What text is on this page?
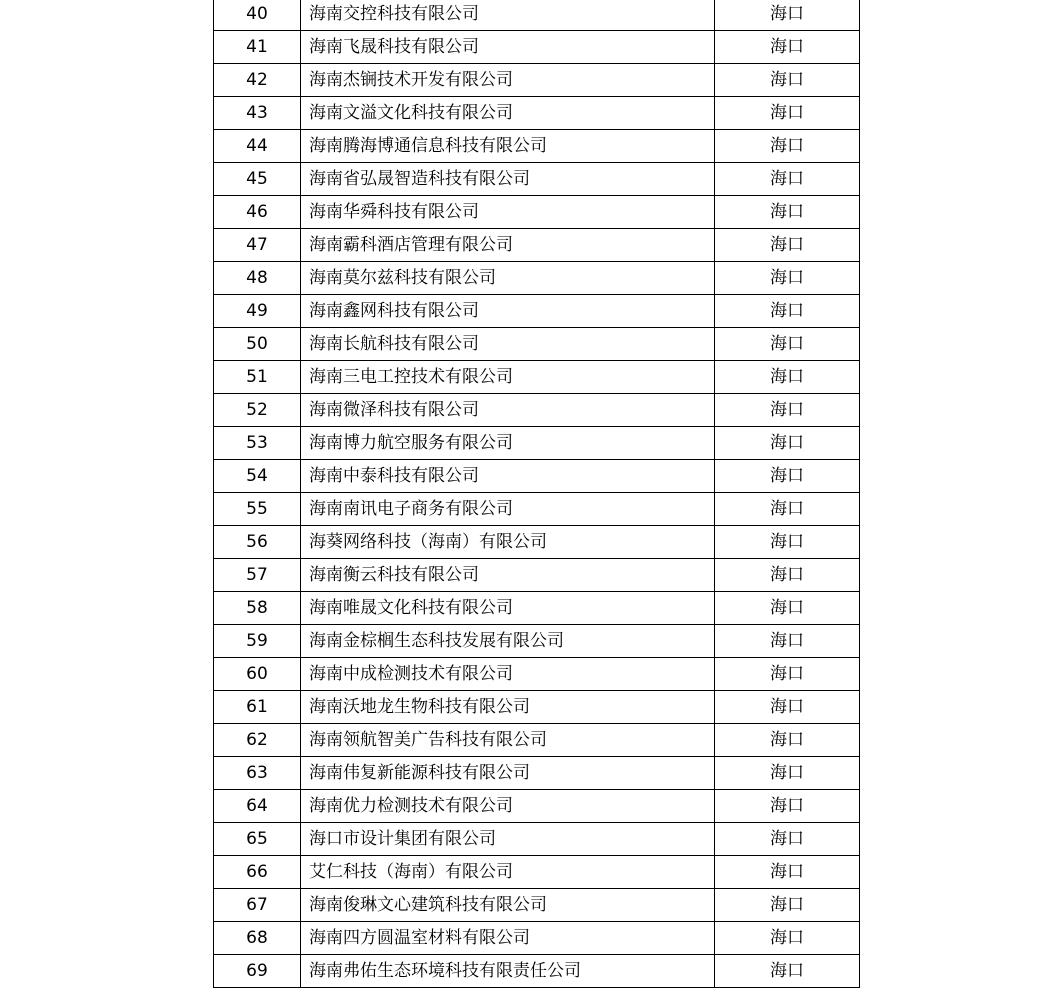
40	海南交控科技有限公司	海口
41	海南飞晟科技有限公司	海口
42	海南杰锎技术开发有限公司	海口
43	海南文溢文化科技有限公司	海口
44	海南腾海博通信息科技有限公司	海口
45	海南省弘晟智造科技有限公司	海口
46	海南华舜科技有限公司	海口
47	海南霸科酒店管理有限公司	海口
48	海南莫尔兹科技有限公司	海口
49	海南鑫网科技有限公司	海口
50	海南长航科技有限公司	海口
51	海南三电工控技术有限公司	海口
52	海南微泽科技有限公司	海口
53	海南博力航空服务有限公司	海口
54	海南中泰科技有限公司	海口
55	海南南讯电子商务有限公司	海口
56	海葵网络科技（海南）有限公司	海口
57	海南衡云科技有限公司	海口
58	海南唯晟文化科技有限公司	海口
59	海南金棕榈生态科技发展有限公司	海口
60	海南中成检测技术有限公司	海口
61	海南沃地龙生物科技有限公司	海口
62	海南领航智美广告科技有限公司	海口
63	海南伟复新能源科技有限公司	海口
64	海南优力检测技术有限公司	海口
65	海口市设计集团有限公司	海口
66	艾仁科技（海南）有限公司	海口
67	海南俊琳文心建筑科技有限公司	海口
68	海南四方圆温室材料有限公司	海口
69	海南弗佑生态环境科技有限责任公司	海口
